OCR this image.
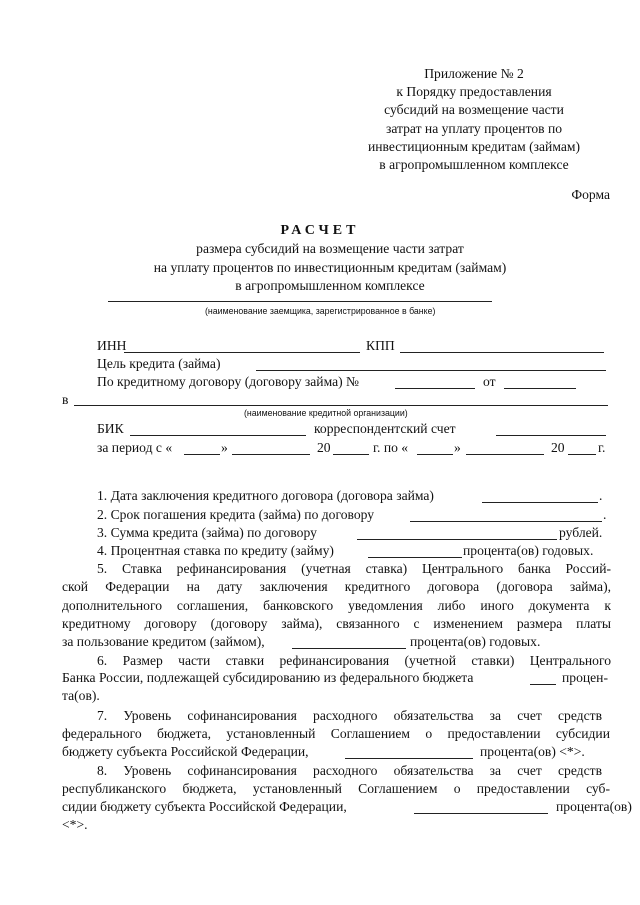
Приложение № 2
к Порядку предоставления
субсидий на возмещение части
затрат на уплату процентов по
инвестиционным кредитам (займам)
в агропромышленном комплексе
Форма
РАСЧЕТ
размера субсидий на возмещение части затрат
на уплату процентов по инвестиционным кредитам (займам)
в агропромышленном комплексе
(наименование заемщика, зарегистрированное в банке)
ИНН	КПП
Цель кредита (займа)
По кредитному договору (договору займа) №	от
в
(наименование кредитной организации)
БИК	корреспондентский счет
за период с «	»	20	г. по «	»	20 г.
1. Дата заключения кредитного договора (договора займа)	.
2. Срок погашения кредита (займа) по договору	.
3. Сумма кредита (займа) по договору	рублей.
4. Процентная ставка по кредиту (займу)	процента(ов) годовых.
5. Ставка рефинансирования (учетная ставка) Центрального банка Россий-
ской Федерации на дату заключения кредитного договора (договора займа),
дополнительного соглашения, банковского уведомления либо иного документа к
кредитному договору (договору займа), связанного с изменением размера платы
за пользование кредитом (займом),	процента(ов) годовых.
6. Размер части ставки рефинансирования (учетной ставки) Центрального
Банка России, подлежащей субсидированию из федерального бюджета	процен-
та(ов).
7. Уровень софинансирования расходного обязательства за счет средств
федерального бюджета, установленный Соглашением о предоставлении субсидии
бюджету субъекта Российской Федерации,	процента(ов) <*>.
8. Уровень софинансирования расходного обязательства за счет средств
республиканского бюджета, установленный Соглашением о предоставлении суб-
сидии бюджету субъекта Российской Федерации,	процента(ов)
<*>.
